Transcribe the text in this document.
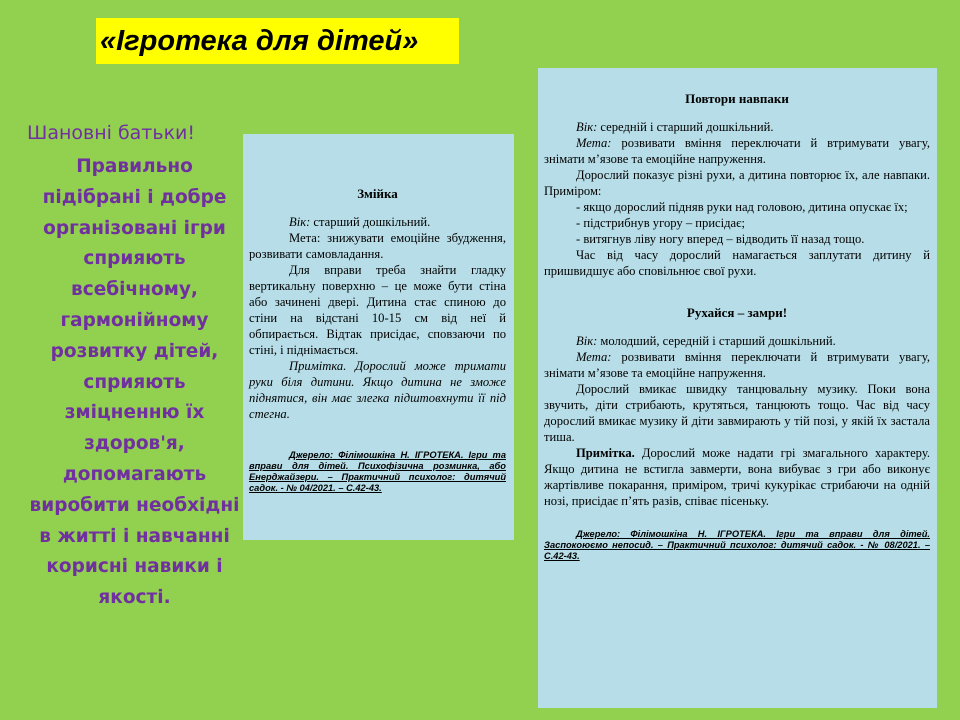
«Ігротека для дітей»
Шановні батьки!
Правильно підібрані і добре організовані ігри сприяють всебічному, гармонійному розвитку дітей, сприяють зміцненню їх здоров'я, допомагають виробити необхідні в житті і навчанні корисні навики і якості.
Змійка

Вік: старший дошкільний.

Мета: знижувати емоційне збудження, розвивати самовладання.

Для вправи треба знайти гладку вертикальну поверхню – це може бути стіна або зачинені двері. Дитина стає спиною до стіни на відстані 10-15 см від неї й обпирається. Відтак присідає, сповзаючи по стіні, і піднімається.

Примітка. Дорослий може тримати руки біля дитини. Якщо дитина не зможе піднятися, він має злегка підштовхнути її під стегна.

Джерело: Філімошкіна Н. ІГРОТЕКА. Ігри та вправи для дітей. Психофізична розминка, або Енерджайзери. – Практичний психолог: дитячий садок. - № 04/2021. – С.42-43.

Повтори навпаки

Вік: середній і старший дошкільний.

Мета: розвивати вміння переключати й втримувати увагу, знімати м’язове та емоційне напруження.

Дорослий показує різні рухи, а дитина повторює їх, але навпаки. Приміром:

- якщо дорослий підняв руки над головою, дитина опускає їх;

- підстрибнув угору – присідає;

- витягнув ліву ногу вперед – відводить її назад тощо.

Час від часу дорослий намагається заплутати дитину й пришвидшує або сповільнює свої рухи.

Рухайся – замри!

Вік: молодший, середній і старший дошкільний.

Мета: розвивати вміння переключати й втримувати увагу, знімати м’язове та емоційне напруження.

Дорослий вмикає швидку танцювальну музику. Поки вона звучить, діти стрибають, крутяться, танцюють тощо. Час від часу дорослий вмикає музику й діти завмирають у тій позі, у якій їх застала тиша.

Примітка. Дорослий може надати грі змагального характеру. Якщо дитина не встигла завмерти, вона вибуває з гри або виконує жартівливе покарання, приміром, тричі кукурікає стрибаючи на одній нозі, присідає п’ять разів, співає пісеньку.

Джерело: Філімошкіна Н. ІГРОТЕКА. Ігри та вправи для дітей. Заспокоюємо непосид. – Практичний психолог: дитячий садок. - № 08/2021. – С.42-43.
